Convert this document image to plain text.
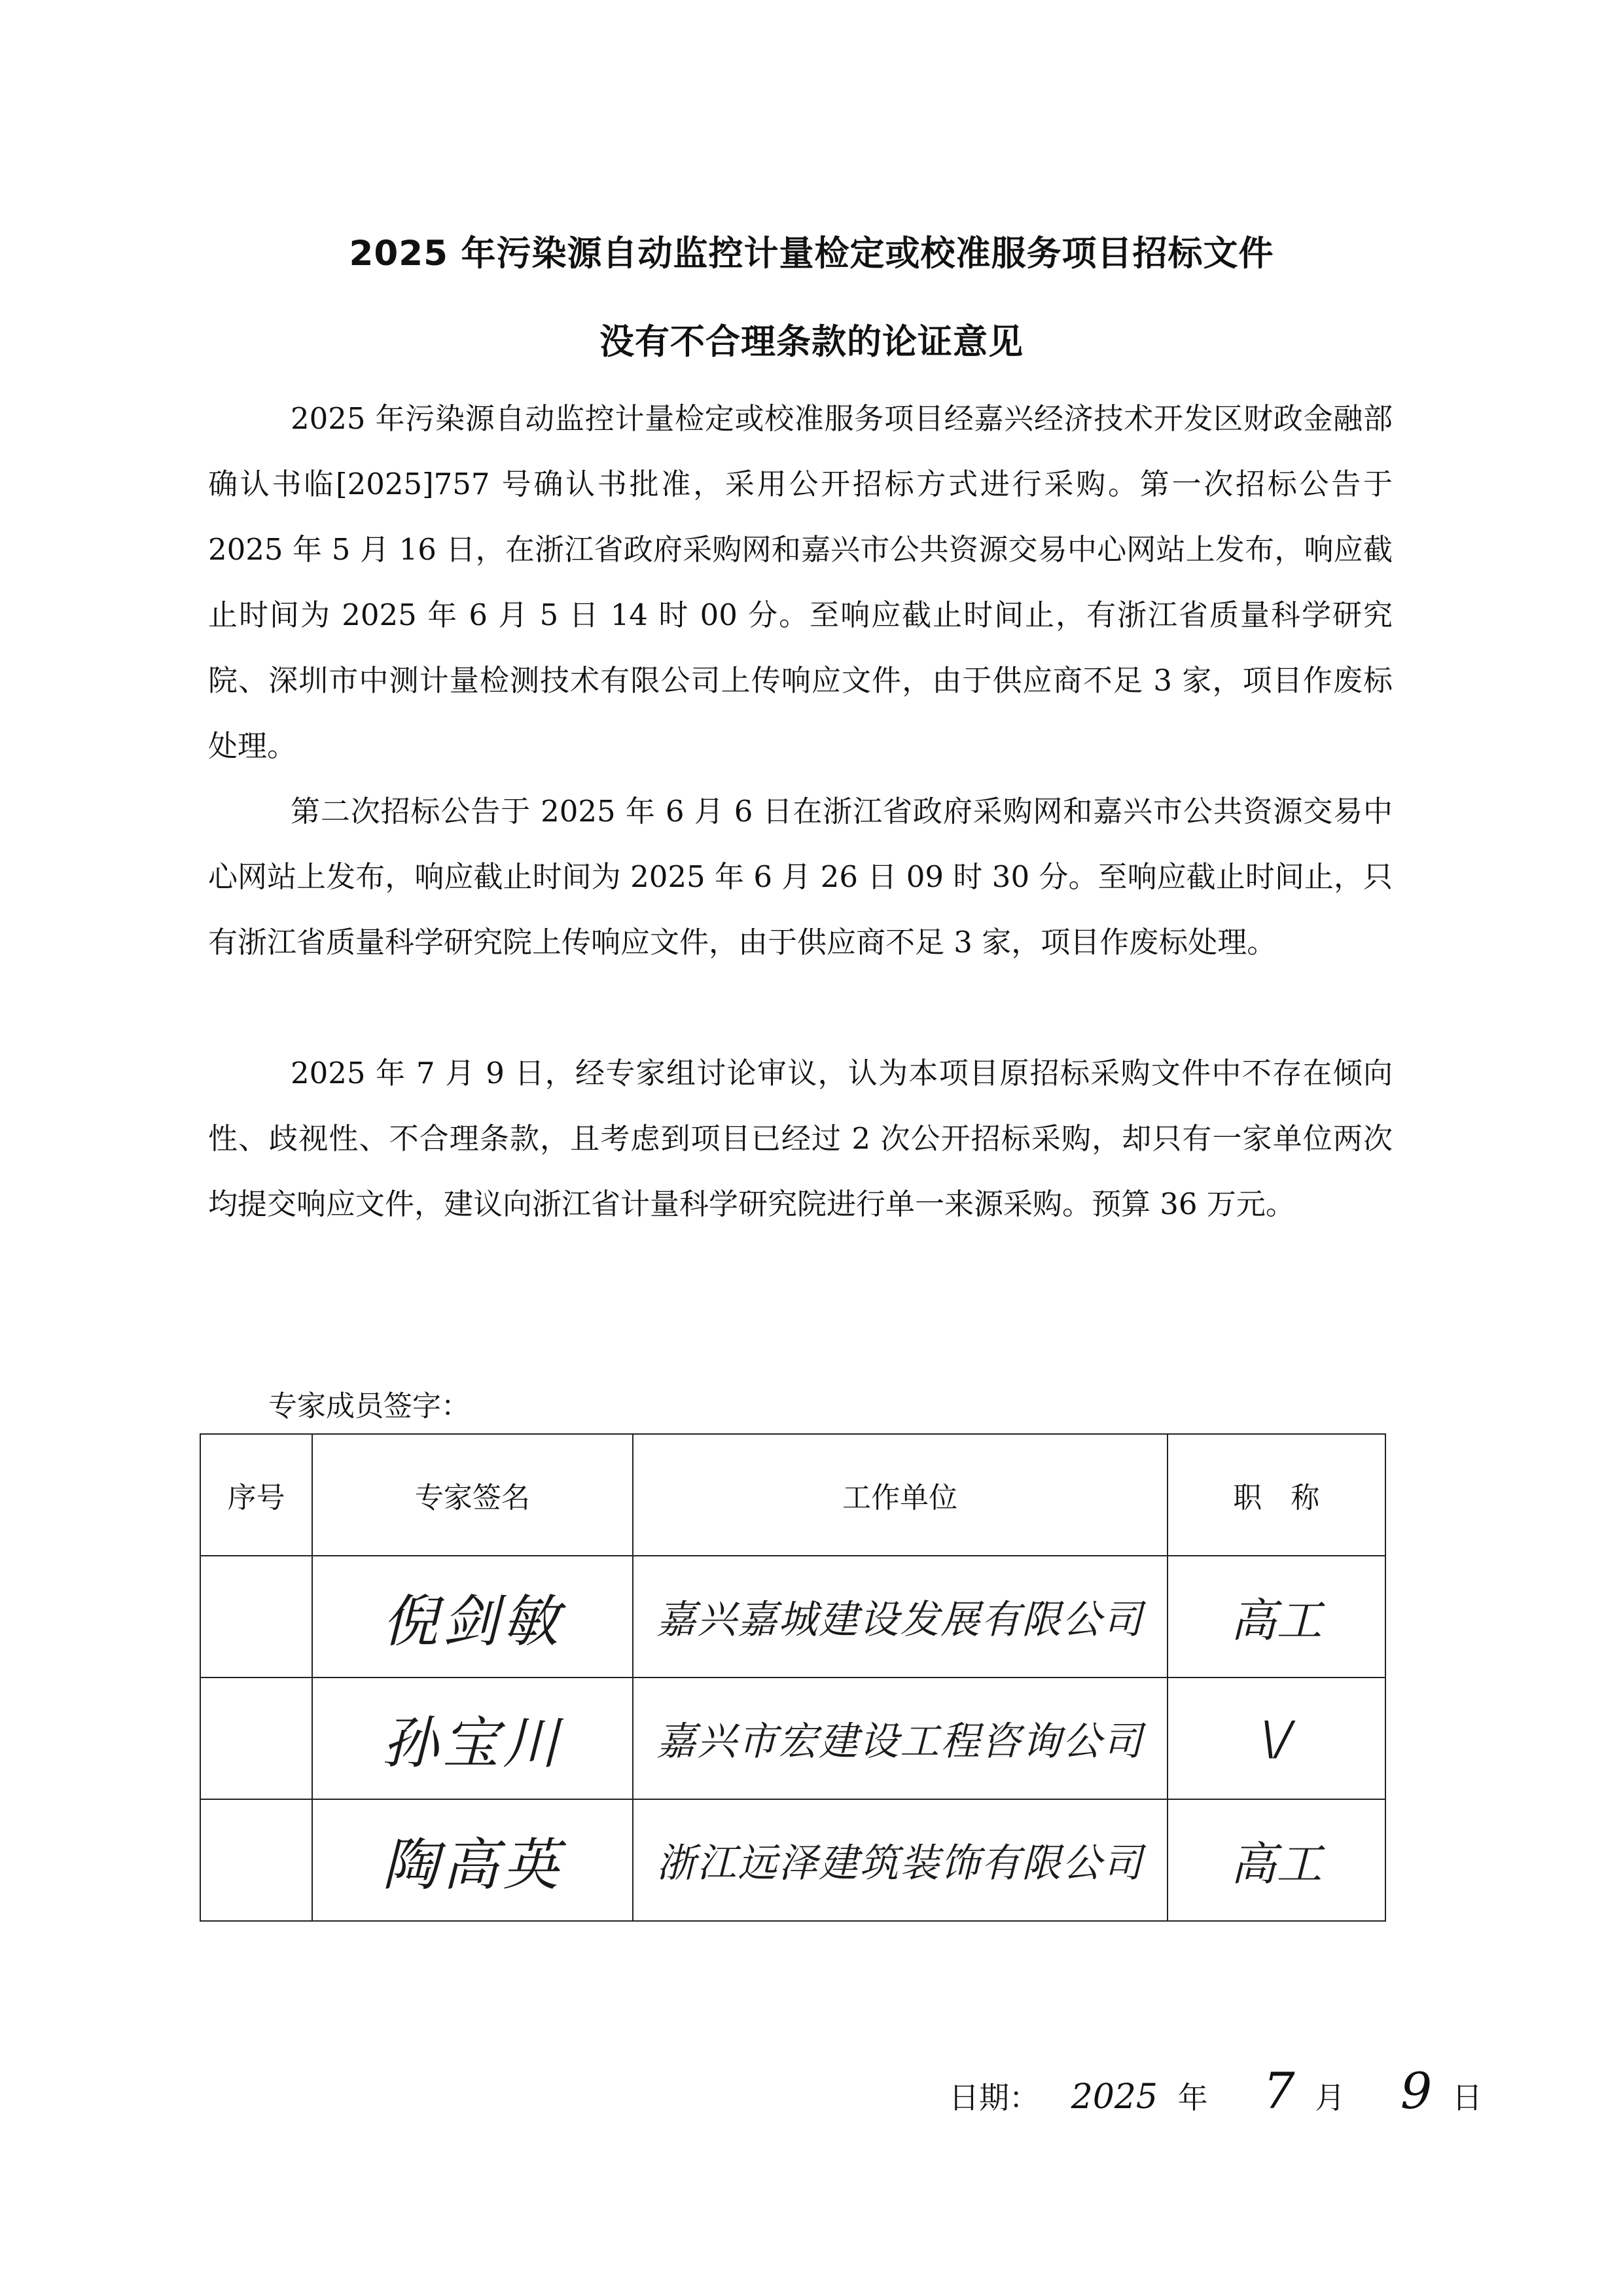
2025 年污染源自动监控计量检定或校准服务项目招标文件
没有不合理条款的论证意见

2025 年污染源自动监控计量检定或校准服务项目经嘉兴经济技术开发区财政金融部确认书临[2025]757 号确认书批准，采用公开招标方式进行采购。第一次招标公告于 2025 年 5 月 16 日，在浙江省政府采购网和嘉兴市公共资源交易中心网站上发布，响应截止时间为 2025 年 6 月 5 日 14 时 00 分。至响应截止时间止，有浙江省质量科学研究院、深圳市中测计量检测技术有限公司上传响应文件，由于供应商不足 3 家，项目作废标处理。

第二次招标公告于 2025 年 6 月 6 日在浙江省政府采购网和嘉兴市公共资源交易中心网站上发布，响应截止时间为 2025 年 6 月 26 日 09 时 30 分。至响应截止时间止，只有浙江省质量科学研究院上传响应文件，由于供应商不足 3 家，项目作废标处理。

2025 年 7 月 9 日，经专家组讨论审议，认为本项目原招标采购文件中不存在倾向性、歧视性、不合理条款，且考虑到项目已经过 2 次公开招标采购，却只有一家单位两次均提交响应文件，建议向浙江省计量科学研究院进行单一来源采购。预算 36 万元。

专家成员签字：
序号	专家签名	工作单位	职　称
	倪剑敏	嘉兴嘉城建设发展有限公司	高工
	孙宝川	嘉兴市宏建设工程咨询公司	\/
	陶高英	浙江远泽建筑装饰有限公司	高工
日期： 2025 年 7 月 9 日
